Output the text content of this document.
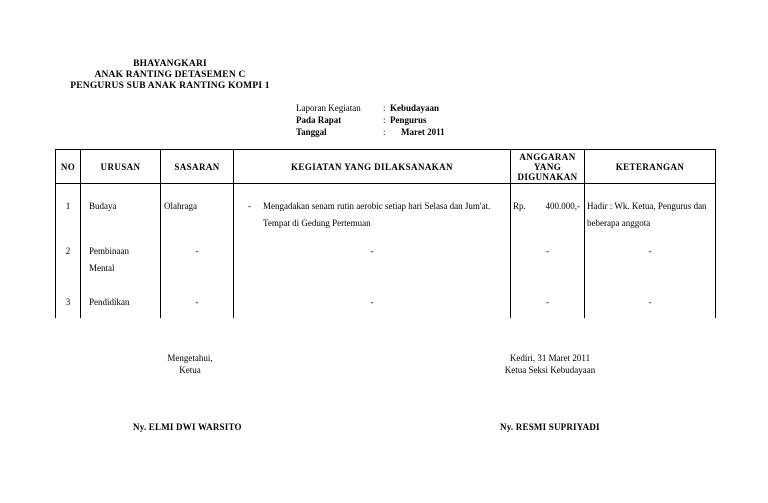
BHAYANGKARI
ANAK RANTING DETASEMEN C
PENGURUS SUB ANAK RANTING KOMPI 1
Laporan Kegiatan : Kebudayaan
Pada Rapat	: Pengurus
Tanggal	: Maret 2011
NO	URUSAN	SASARAN	KEGIATAN YANG DILAKSANAKAN	ANGGARAN YANG DIGUNAKAN	KETERANGAN
1	Budaya	Olahraga	- Mengadakan senam rutin aerobic setiap hari Selasa dan Jum'at. Tempat di Gedung Pertemuan	Rp. 400.000,-	Hadir : Wk. Ketua, Pengurus dan beberapa anggota
2	Pembinaan Mental	-	-	-	-
3	Pendidikan	-	-	-	-
Mengetahui,
Ketua
Ny. ELMI DWI WARSITO
Kediri, 31 Maret 2011
Ketua Seksi Kebudayaan
Ny. RESMI SUPRIYADI
